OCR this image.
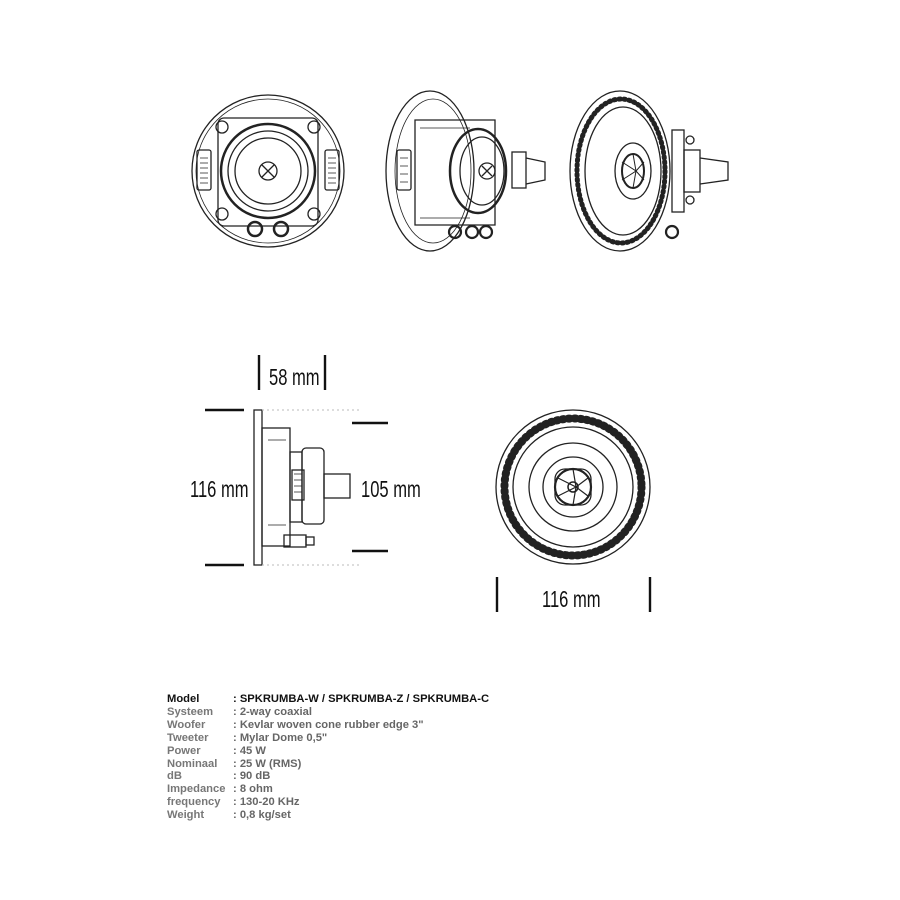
58 mm
116 mm	105 mm
116 mm
Model	: SPKRUMBA-W / SPKRUMBA-Z / SPKRUMBA-C
Systeem	: 2-way coaxial
Woofer	: Kevlar woven cone rubber edge 3"
Tweeter	: Mylar Dome 0,5"
Power	: 45 W
Nominaal	: 25 W (RMS)
dB	: 90 dB
Impedance : 8 ohm
frequency	: 130-20 KHz
Weight	: 0,8 kg/set
